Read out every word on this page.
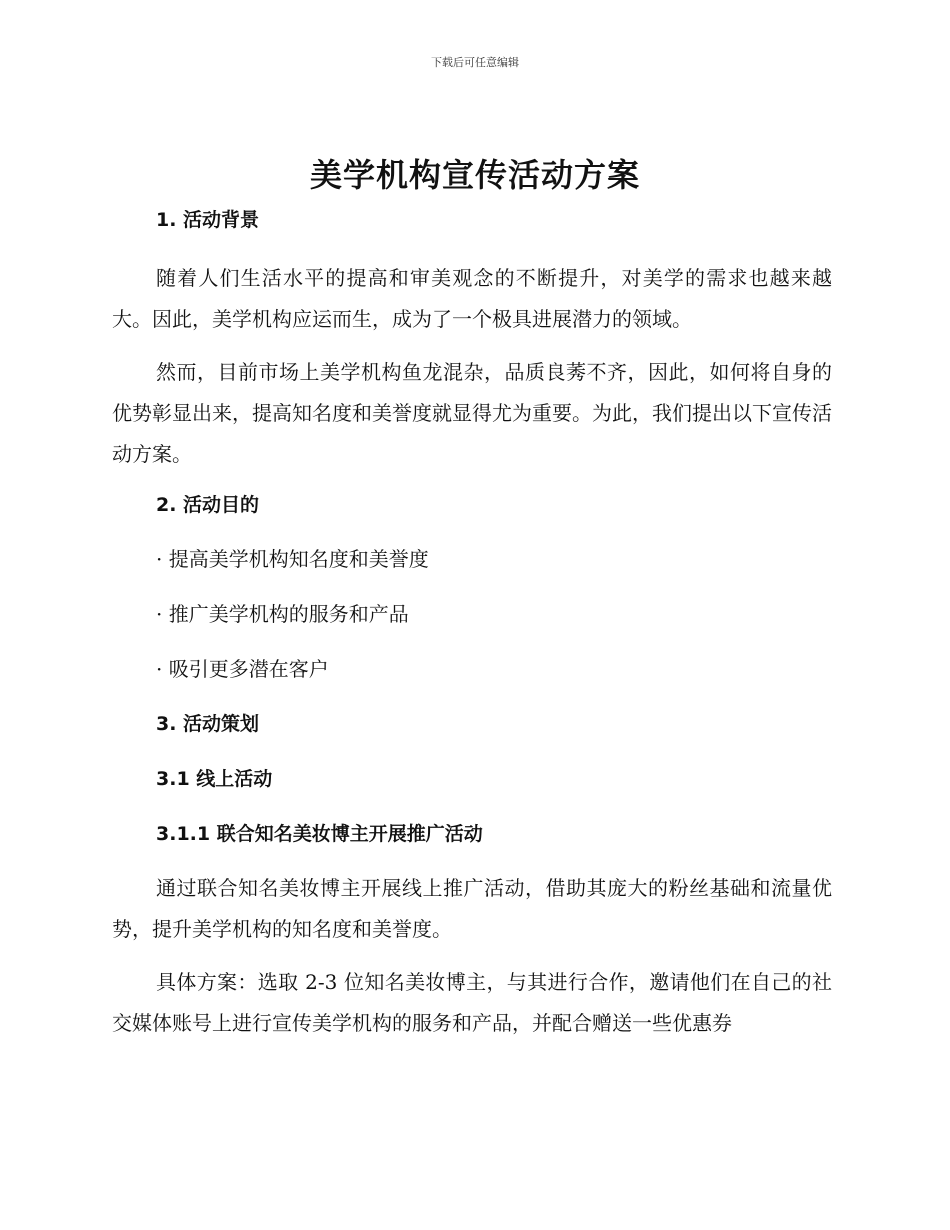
下载后可任意编辑
美学机构宣传活动方案
1. 活动背景

随着人们生活水平的提高和审美观念的不断提升，对美学的需求也越来越大。因此，美学机构应运而生，成为了一个极具进展潜力的领域。

然而，目前市场上美学机构鱼龙混杂，品质良莠不齐，因此，如何将自身的优势彰显出来，提高知名度和美誉度就显得尤为重要。为此，我们提出以下宣传活动方案。

2. 活动目的
· 提高美学机构知名度和美誉度
· 推广美学机构的服务和产品
· 吸引更多潜在客户
3. 活动策划
3.1 线上活动
3.1.1 联合知名美妆博主开展推广活动

通过联合知名美妆博主开展线上推广活动，借助其庞大的粉丝基础和流量优势，提升美学机构的知名度和美誉度。

具体方案：选取 2-3 位知名美妆博主，与其进行合作，邀请他们在自己的社交媒体账号上进行宣传美学机构的服务和产品，并配合赠送一些优惠券
